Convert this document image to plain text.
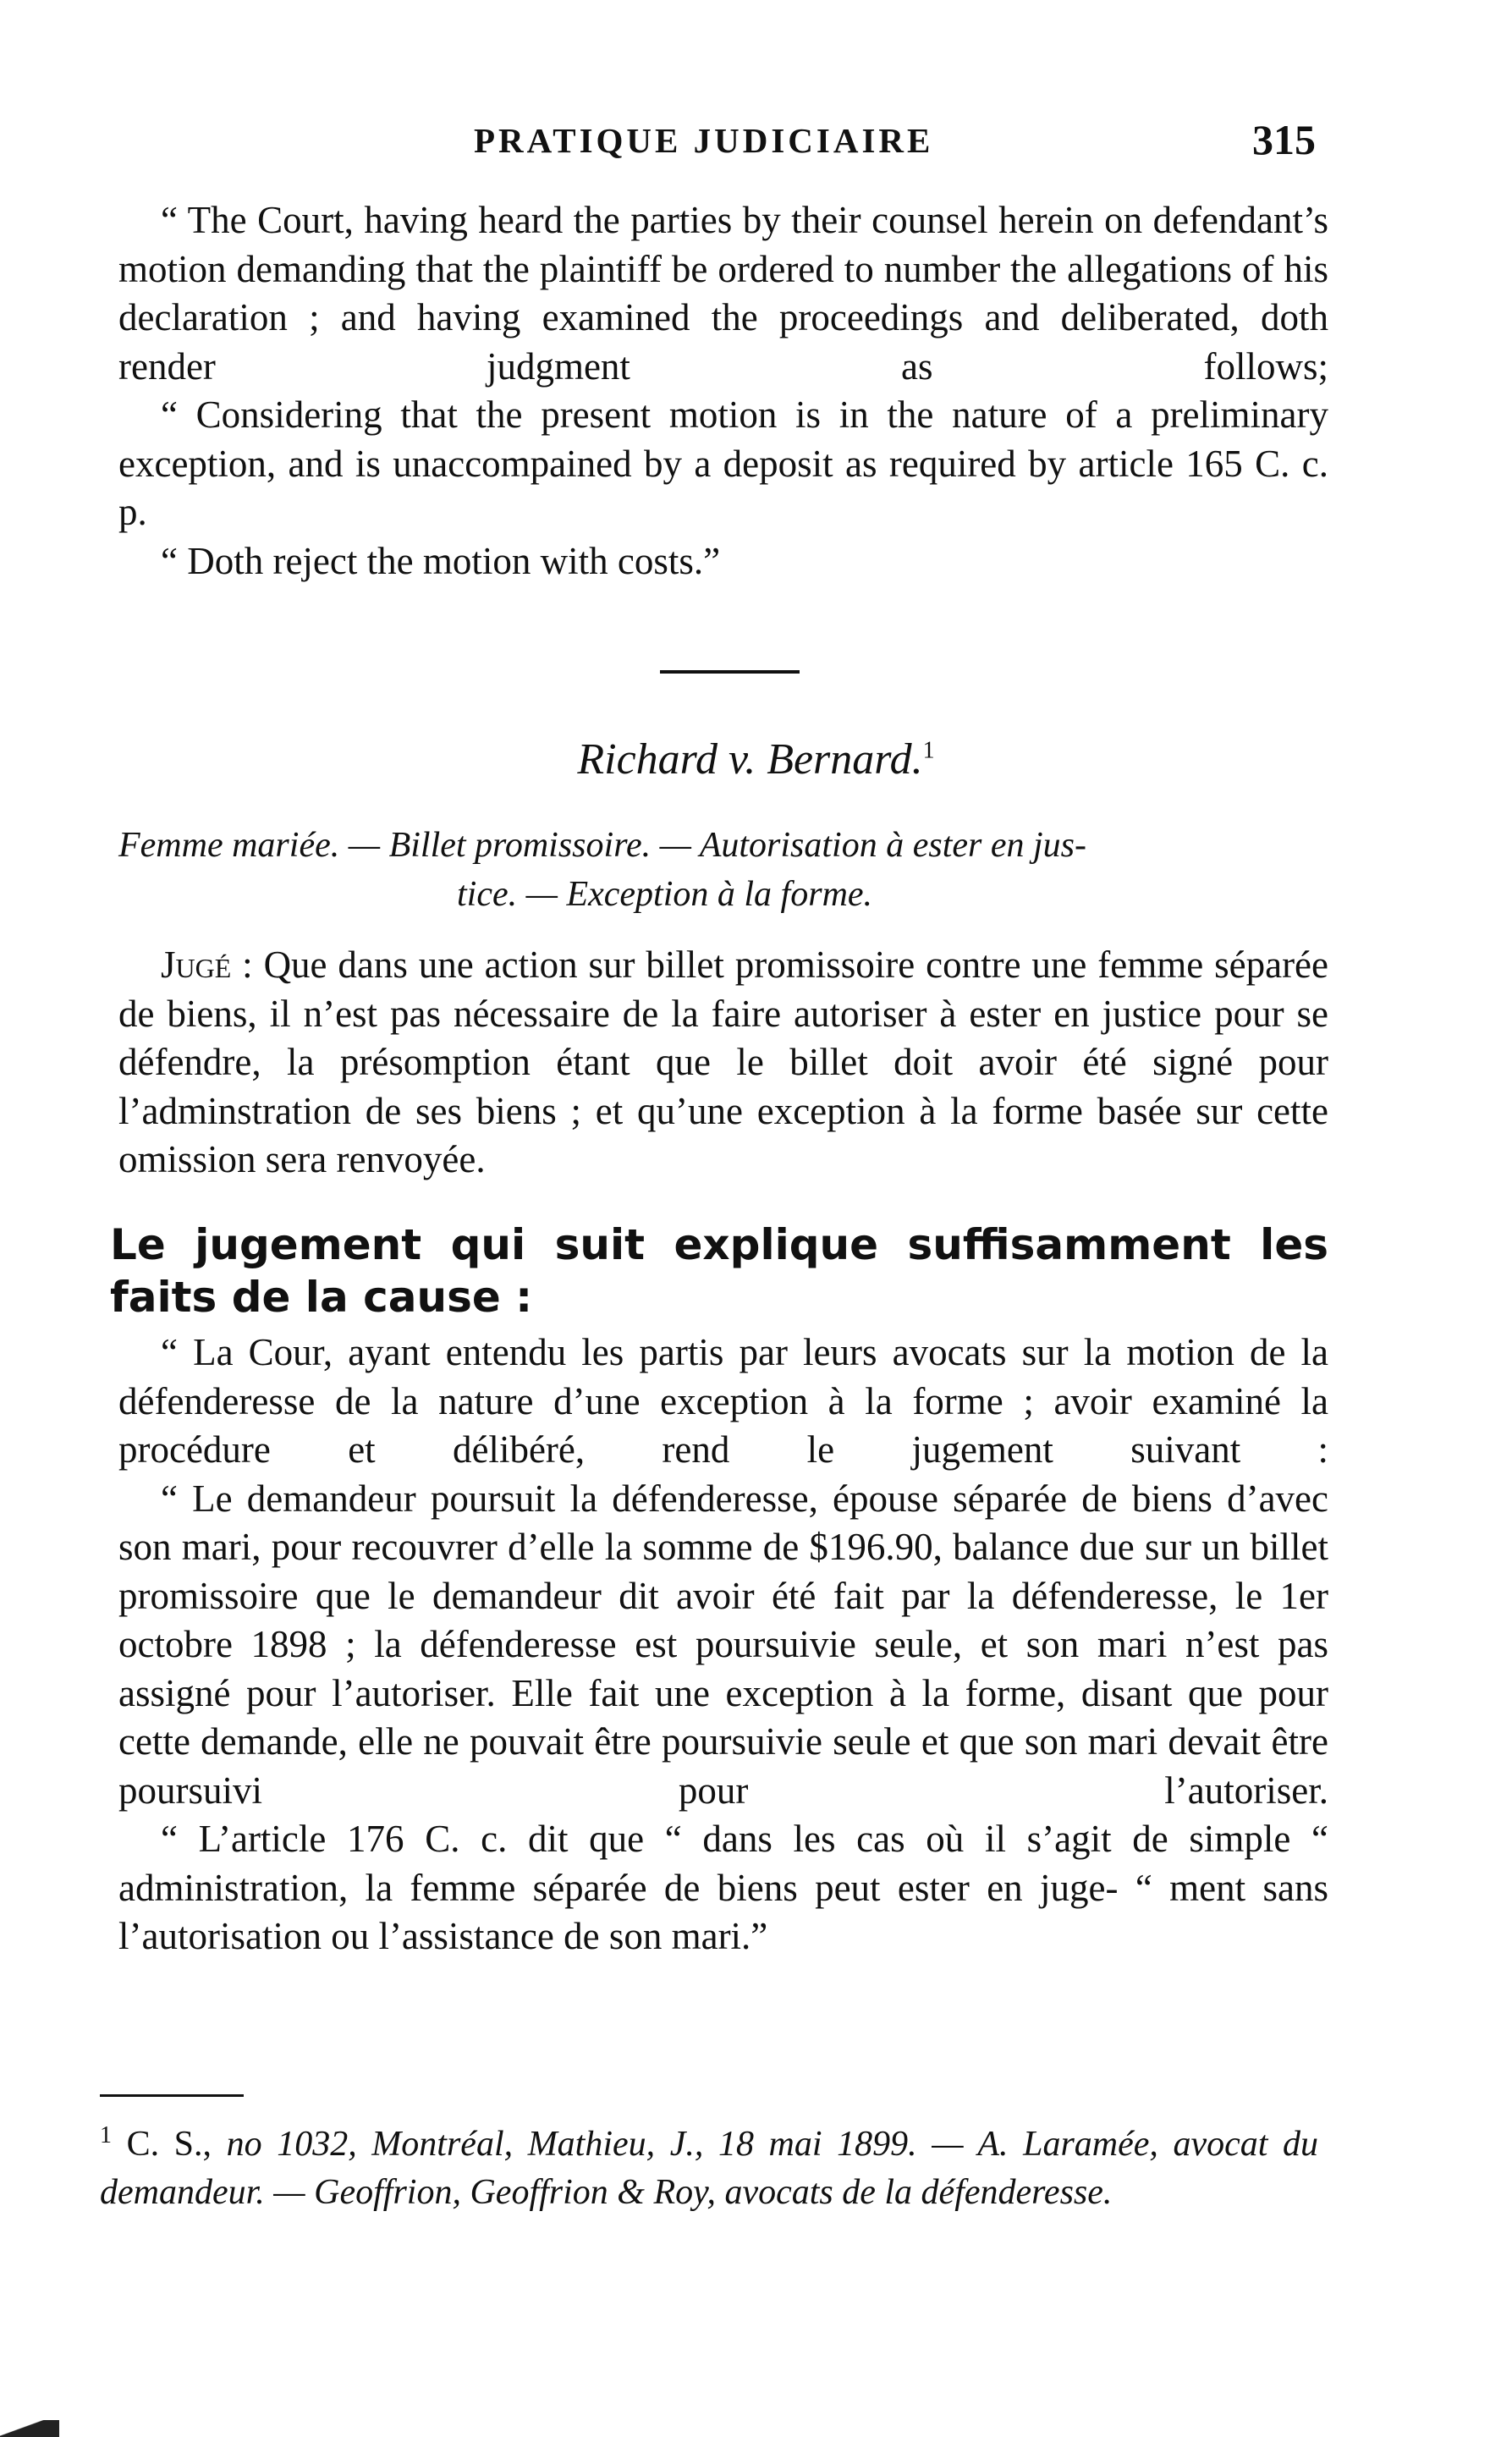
PRATIQUE JUDICIAIRE	315
“ The Court, having heard the parties by their counsel herein on defendant’s motion demanding that the plaintiff be ordered to number the allegations of his declaration ; and having examined the proceedings and deliberated, doth render judgment as follows;
“ Considering that the present motion is in the nature of a preliminary exception, and is unaccompained by a deposit as required by article 165 C. c. p.
“ Doth reject the motion with costs.”
Richard v. Bernard.$^1$
Femme mariée. — Billet promissoire. — Autorisation à ester en jus-
tice. — Exception à la forme.
Jugé : Que dans une action sur billet promissoire contre une femme séparée de biens, il n’est pas nécessaire de la faire autoriser à ester en justice pour se défendre, la présomption étant que le billet doit avoir été signé pour l’adminstration de ses biens ; et qu’une exception à la forme basée sur cette omission sera renvoyée.
Le jugement qui suit explique suffisamment les faits de la cause :
“ La Cour, ayant entendu les partis par leurs avocats sur la motion de la défenderesse de la nature d’une exception à la forme ; avoir examiné la procédure et délibéré, rend le jugement suivant :
“ Le demandeur poursuit la défenderesse, épouse séparée de biens d’avec son mari, pour recouvrer d’elle la somme de $196.90, balance due sur un billet promissoire que le demandeur dit avoir été fait par la défenderesse, le 1er octobre 1898 ; la défenderesse est poursuivie seule, et son mari n’est pas assigné pour l’autoriser. Elle fait une exception à la forme, disant que pour cette demande, elle ne pouvait être poursuivie seule et que son mari devait être poursuivi pour l’autoriser.
“ L’article 176 C. c. dit que “ dans les cas où il s’agit de simple “ administration, la femme séparée de biens peut ester en juge- “ ment sans l’autorisation ou l’assistance de son mari.”
$^1$ C. S., no 1032, Montréal, Mathieu, J., 18 mai 1899. — A. Laramée, avocat du demandeur. — Geoffrion, Geoffrion & Roy, avocats de la défenderesse.
